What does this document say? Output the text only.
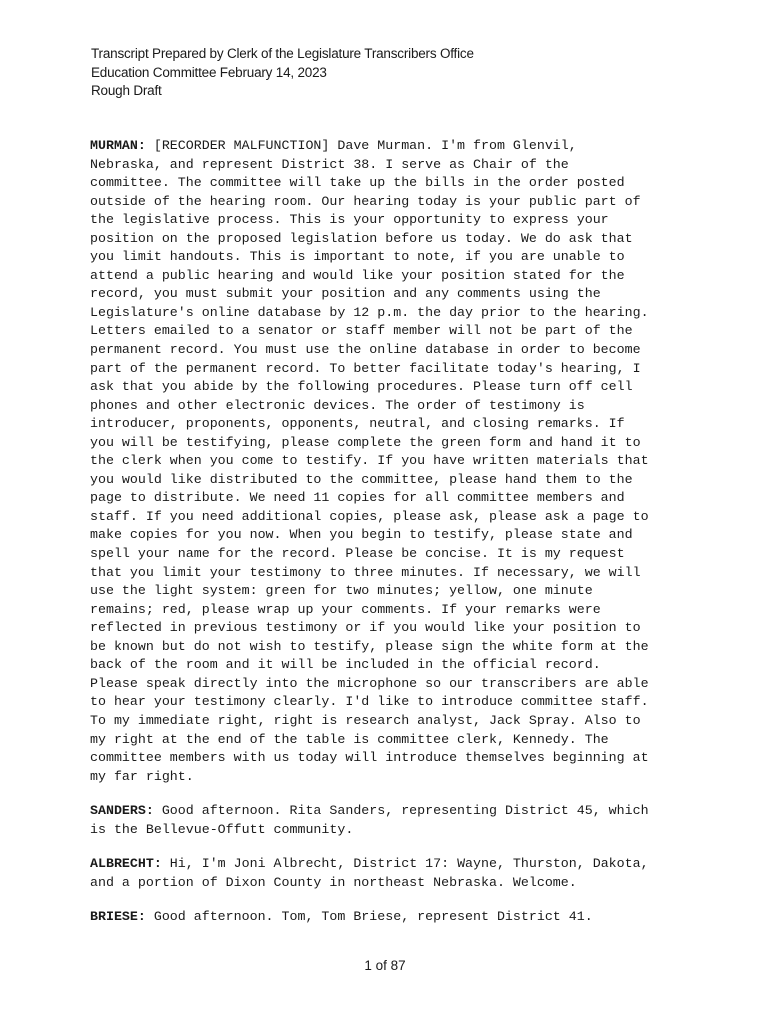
Transcript Prepared by Clerk of the Legislature Transcribers Office
Education Committee February 14, 2023
Rough Draft

MURMAN: [RECORDER MALFUNCTION] Dave Murman. I'm from Glenvil,
Nebraska, and represent District 38. I serve as Chair of the
committee. The committee will take up the bills in the order posted
outside of the hearing room. Our hearing today is your public part of
the legislative process. This is your opportunity to express your
position on the proposed legislation before us today. We do ask that
you limit handouts. This is important to note, if you are unable to
attend a public hearing and would like your position stated for the
record, you must submit your position and any comments using the
Legislature's online database by 12 p.m. the day prior to the hearing.
Letters emailed to a senator or staff member will not be part of the
permanent record. You must use the online database in order to become
part of the permanent record. To better facilitate today's hearing, I
ask that you abide by the following procedures. Please turn off cell
phones and other electronic devices. The order of testimony is
introducer, proponents, opponents, neutral, and closing remarks. If
you will be testifying, please complete the green form and hand it to
the clerk when you come to testify. If you have written materials that
you would like distributed to the committee, please hand them to the
page to distribute. We need 11 copies for all committee members and
staff. If you need additional copies, please ask, please ask a page to
make copies for you now. When you begin to testify, please state and
spell your name for the record. Please be concise. It is my request
that you limit your testimony to three minutes. If necessary, we will
use the light system: green for two minutes; yellow, one minute
remains; red, please wrap up your comments. If your remarks were
reflected in previous testimony or if you would like your position to
be known but do not wish to testify, please sign the white form at the
back of the room and it will be included in the official record.
Please speak directly into the microphone so our transcribers are able
to hear your testimony clearly. I'd like to introduce committee staff.
To my immediate right, right is research analyst, Jack Spray. Also to
my right at the end of the table is committee clerk, Kennedy. The
committee members with us today will introduce themselves beginning at
my far right.

SANDERS: Good afternoon. Rita Sanders, representing District 45, which
is the Bellevue-Offutt community.

ALBRECHT: Hi, I'm Joni Albrecht, District 17: Wayne, Thurston, Dakota,
and a portion of Dixon County in northeast Nebraska. Welcome.

BRIESE: Good afternoon. Tom, Tom Briese, represent District 41.

1 of 87
